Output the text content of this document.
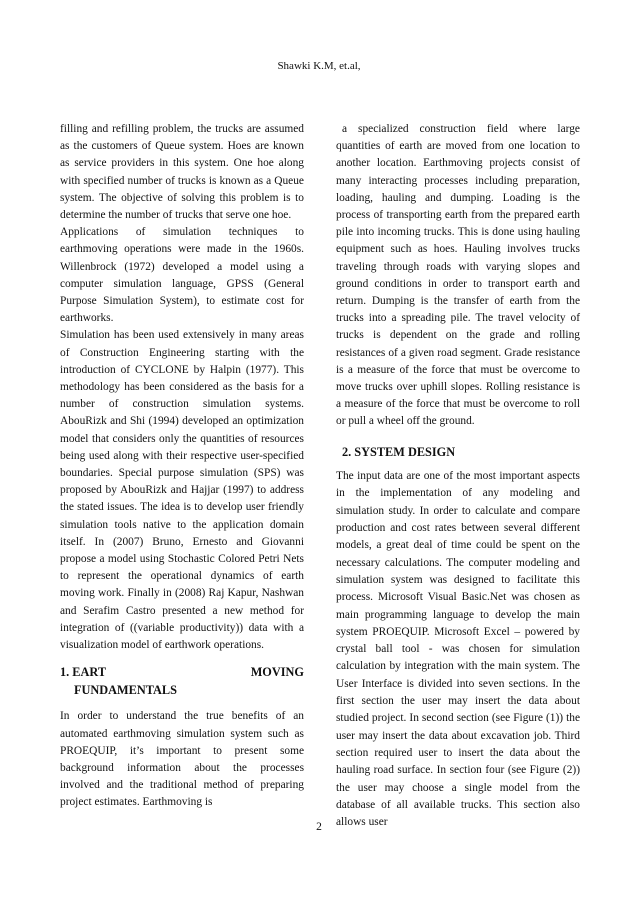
Shawki K.M, et.al,

filling and refilling problem, the trucks are assumed as the customers of Queue system. Hoes are known as service providers in this system. One hoe along with specified number of trucks is known as a Queue system. The objective of solving this problem is to determine the number of trucks that serve one hoe.

Applications of simulation techniques to earthmoving operations were made in the 1960s. Willenbrock (1972) developed a model using a computer simulation language, GPSS (General Purpose Simulation System), to estimate cost for earthworks.

Simulation has been used extensively in many areas of Construction Engineering starting with the introduction of CYCLONE by Halpin (1977). This methodology has been considered as the basis for a number of construction simulation systems. AbouRizk and Shi (1994) developed an optimization model that considers only the quantities of resources being used along with their respective user-specified boundaries. Special purpose simulation (SPS) was proposed by AbouRizk and Hajjar (1997) to address the stated issues. The idea is to develop user friendly simulation tools native to the application domain itself. In (2007) Bruno, Ernesto and Giovanni propose a model using Stochastic Colored Petri Nets to represent the operational dynamics of earth moving work. Finally in (2008) Raj Kapur, Nashwan and Serafim Castro presented a new method for integration of ((variable productivity)) data with a visualization model of earthwork operations.

1. EART	MOVING
FUNDAMENTALS

In order to understand the true benefits of an automated earthmoving simulation system such as PROEQUIP, it’s important to present some background information about the processes involved and the traditional method of preparing project estimates. Earthmoving is

a specialized construction field where large quantities of earth are moved from one location to another location. Earthmoving projects consist of many interacting processes including preparation, loading, hauling and dumping. Loading is the process of transporting earth from the prepared earth pile into incoming trucks. This is done using hauling equipment such as hoes. Hauling involves trucks traveling through roads with varying slopes and ground conditions in order to transport earth and return. Dumping is the transfer of earth from the trucks into a spreading pile. The travel velocity of trucks is dependent on the grade and rolling resistances of a given road segment. Grade resistance is a measure of the force that must be overcome to move trucks over uphill slopes. Rolling resistance is a measure of the force that must be overcome to roll or pull a wheel off the ground.

2. SYSTEM DESIGN

The input data are one of the most important aspects in the implementation of any modeling and simulation study. In order to calculate and compare production and cost rates between several different models, a great deal of time could be spent on the necessary calculations. The computer modeling and simulation system was designed to facilitate this process. Microsoft Visual Basic.Net was chosen as main programming language to develop the main system PROEQUIP. Microsoft Excel – powered by crystal ball tool - was chosen for simulation calculation by integration with the main system. The User Interface is divided into seven sections. In the first section the user may insert the data about studied project. In second section (see Figure (1)) the user may insert the data about excavation job. Third section required user to insert the data about the hauling road surface. In section four (see Figure (2)) the user may choose a single model from the database of all available trucks. This section also allows user

2
